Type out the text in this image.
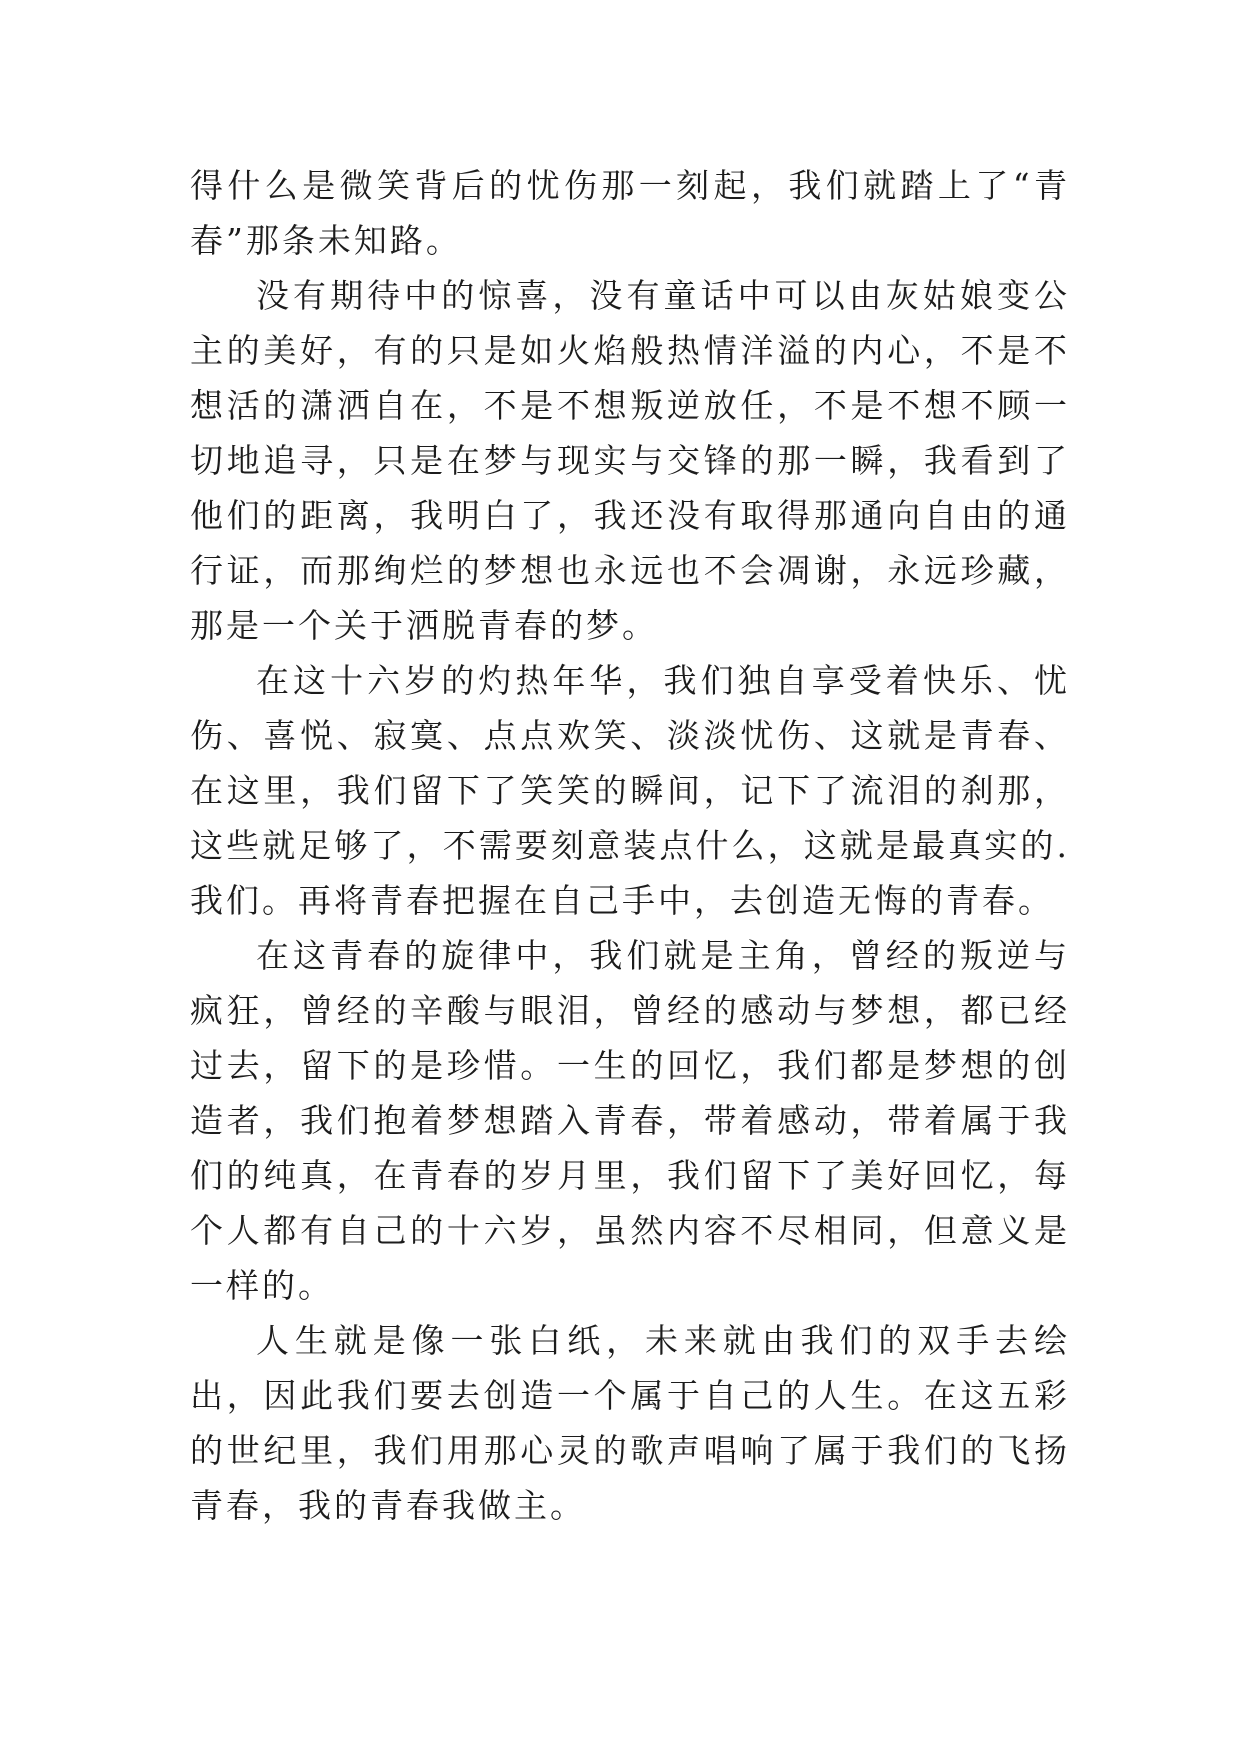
得什么是微笑背后的忧伤那一刻起，我们就踏上了“青春”那条未知路。

没有期待中的惊喜，没有童话中可以由灰姑娘变公主的美好，有的只是如火焰般热情洋溢的内心，不是不想活的潇洒自在，不是不想叛逆放任，不是不想不顾一切地追寻，只是在梦与现实与交锋的那一瞬，我看到了他们的距离，我明白了，我还没有取得那通向自由的通行证，而那绚烂的梦想也永远也不会凋谢，永远珍藏，那是一个关于洒脱青春的梦。

在这十六岁的灼热年华，我们独自享受着快乐、忧伤、喜悦、寂寞、点点欢笑、淡淡忧伤、这就是青春、在这里，我们留下了笑笑的瞬间，记下了流泪的刹那，这些就足够了，不需要刻意装点什么，这就是最真实的.我们。再将青春把握在自己手中，去创造无悔的青春。

在这青春的旋律中，我们就是主角，曾经的叛逆与疯狂，曾经的辛酸与眼泪，曾经的感动与梦想，都已经过去，留下的是珍惜。一生的回忆，我们都是梦想的创造者，我们抱着梦想踏入青春，带着感动，带着属于我们的纯真，在青春的岁月里，我们留下了美好回忆，每个人都有自己的十六岁，虽然内容不尽相同，但意义是一样的。

人生就是像一张白纸，未来就由我们的双手去绘出，因此我们要去创造一个属于自己的人生。在这五彩的世纪里，我们用那心灵的歌声唱响了属于我们的飞扬青春，我的青春我做主。
